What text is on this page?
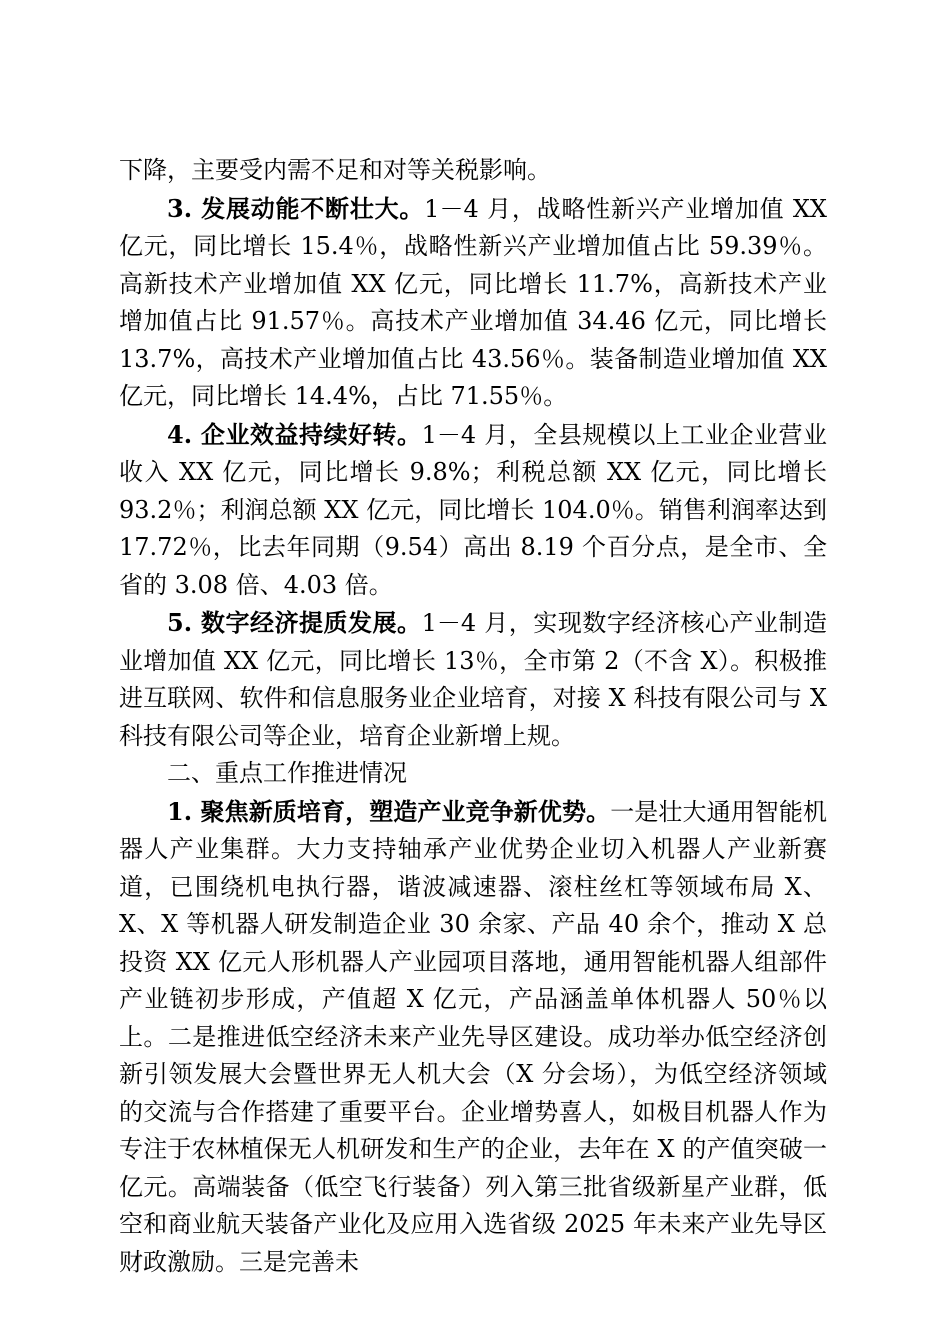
下降，主要受内需不足和对等关税影响。

3. 发展动能不断壮大。1－4 月，战略性新兴产业增加值 XX 亿元，同比增长 15.4％，战略性新兴产业增加值占比 59.39％。高新技术产业增加值 XX 亿元，同比增长 11.7%，高新技术产业增加值占比 91.57％。高技术产业增加值 34.46 亿元，同比增长 13.7%，高技术产业增加值占比 43.56％。装备制造业增加值 XX 亿元，同比增长 14.4%，占比 71.55％。

4. 企业效益持续好转。1－4 月，全县规模以上工业企业营业收入 XX 亿元，同比增长 9.8%；利税总额 XX 亿元，同比增长 93.2％；利润总额 XX 亿元，同比增长 104.0％。销售利润率达到 17.72％，比去年同期（9.54）高出 8.19 个百分点，是全市、全省的 3.08 倍、4.03 倍。

5. 数字经济提质发展。1－4 月，实现数字经济核心产业制造业增加值 XX 亿元，同比增长 13％，全市第 2（不含 X）。积极推进互联网、软件和信息服务业企业培育，对接 X 科技有限公司与 X 科技有限公司等企业，培育企业新增上规。

二、重点工作推进情况

1. 聚焦新质培育，塑造产业竞争新优势。一是壮大通用智能机器人产业集群。大力支持轴承产业优势企业切入机器人产业新赛道，已围绕机电执行器，谐波减速器、滚柱丝杠等领域布局 X、X、X 等机器人研发制造企业 30 余家、产品 40 余个，推动 X 总投资 XX 亿元人形机器人产业园项目落地，通用智能机器人组部件产业链初步形成，产值超 X 亿元，产品涵盖单体机器人 50％以上。二是推进低空经济未来产业先导区建设。成功举办低空经济创新引领发展大会暨世界无人机大会（X 分会场），为低空经济领域的交流与合作搭建了重要平台。企业增势喜人，如极目机器人作为专注于农林植保无人机研发和生产的企业，去年在 X 的产值突破一亿元。高端装备（低空飞行装备）列入第三批省级新星产业群，低空和商业航天装备产业化及应用入选省级 2025 年未来产业先导区财政激励。三是完善未
